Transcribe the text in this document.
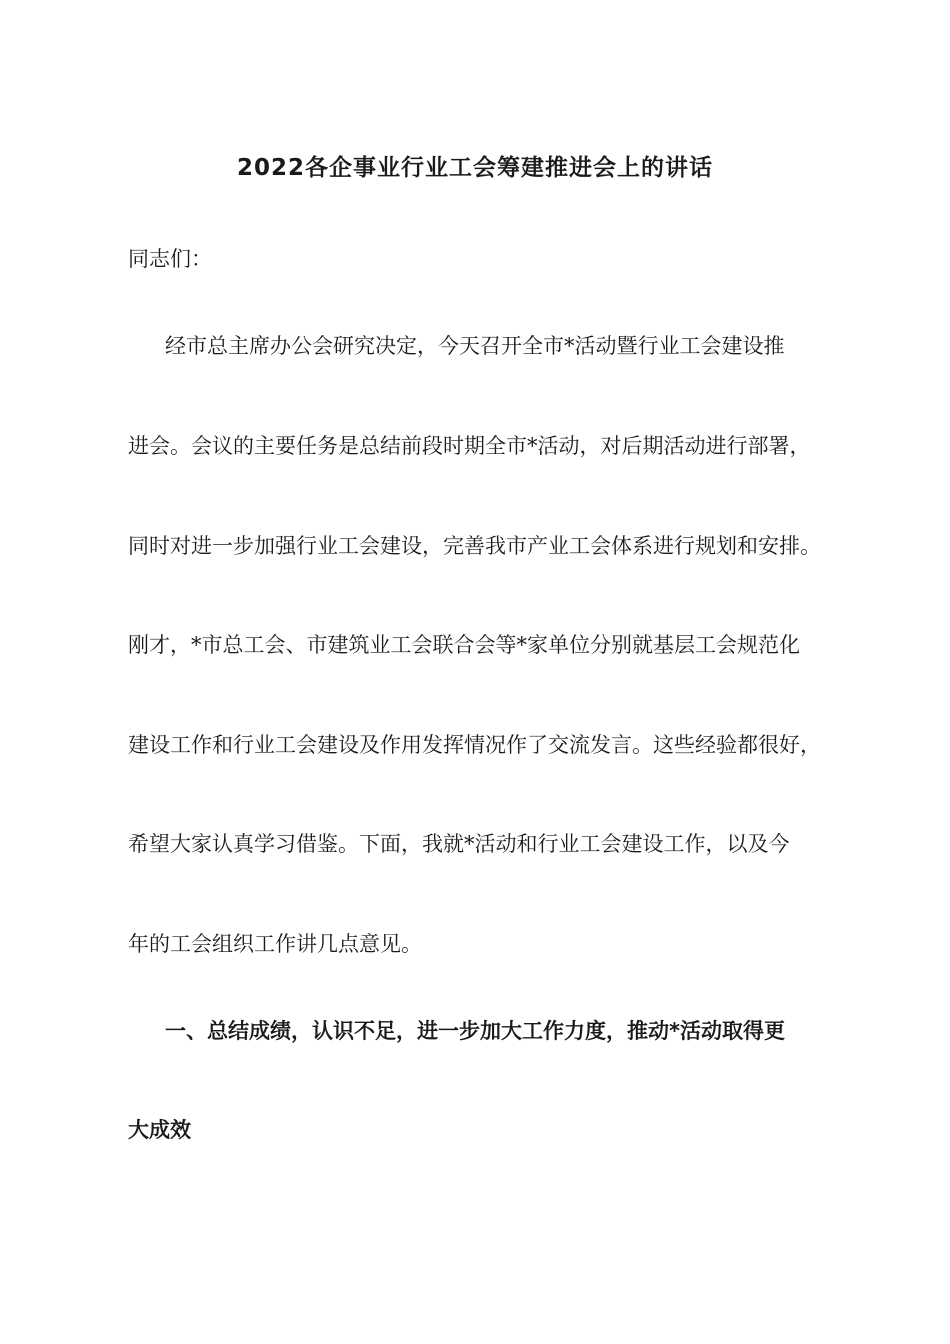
2022各企事业行业工会筹建推进会上的讲话
同志们：
经市总主席办公会研究决定，今天召开全市*活动暨行业工会建设推
进会。会议的主要任务是总结前段时期全市*活动，对后期活动进行部署，
同时对进一步加强行业工会建设，完善我市产业工会体系进行规划和安排。
刚才，*市总工会、市建筑业工会联合会等*家单位分别就基层工会规范化
建设工作和行业工会建设及作用发挥情况作了交流发言。这些经验都很好，
希望大家认真学习借鉴。下面，我就*活动和行业工会建设工作，以及今
年的工会组织工作讲几点意见。
一、总结成绩，认识不足，进一步加大工作力度，推动*活动取得更
大成效
